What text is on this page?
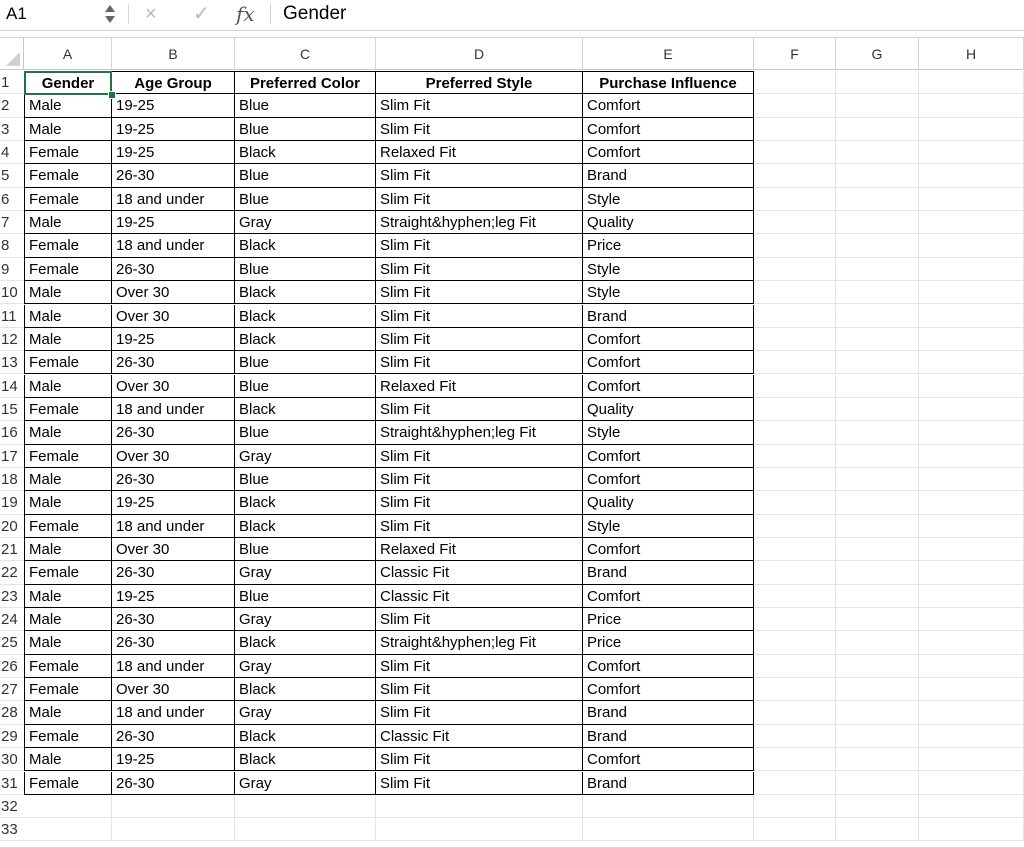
A1	× ✓ fx Gender
A	B	C	D	E	F	G	H
1	Gender	Age Group	Preferred Color	Preferred Style	Purchase Influence
2	Male	19-25	Blue	Slim Fit	Comfort
3	Male	19-25	Blue	Slim Fit	Comfort
4	Female	19-25	Black	Relaxed Fit	Comfort
5	Female	26-30	Blue	Slim Fit	Brand
6	Female	18 and under	Blue	Slim Fit	Style
7	Male	19-25	Gray	Straight&hyphen;leg Fit	Quality
8	Female	18 and under	Black	Slim Fit	Price
9	Female	26-30	Blue	Slim Fit	Style
10 Male	Over 30	Black	Slim Fit	Style
11 Male	Over 30	Black	Slim Fit	Brand
12 Male	19-25	Black	Slim Fit	Comfort
13 Female	26-30	Blue	Slim Fit	Comfort
14 Male	Over 30	Blue	Relaxed Fit	Comfort
15 Female	18 and under	Black	Slim Fit	Quality
16 Male	26-30	Blue	Straight&hyphen;leg Fit	Style
17 Female	Over 30	Gray	Slim Fit	Comfort
18 Male	26-30	Blue	Slim Fit	Comfort
19 Male	19-25	Black	Slim Fit	Quality
20 Female	18 and under	Black	Slim Fit	Style
21 Male	Over 30	Blue	Relaxed Fit	Comfort
22 Female	26-30	Gray	Classic Fit	Brand
23 Male	19-25	Blue	Classic Fit	Comfort
24 Male	26-30	Gray	Slim Fit	Price
25 Male	26-30	Black	Straight&hyphen;leg Fit	Price
26 Female	18 and under	Gray	Slim Fit	Comfort
27 Female	Over 30	Black	Slim Fit	Comfort
28 Male	18 and under	Gray	Slim Fit	Brand
29 Female	26-30	Black	Classic Fit	Brand
30 Male	19-25	Black	Slim Fit	Comfort
31 Female	26-30	Gray	Slim Fit	Brand
32
33
